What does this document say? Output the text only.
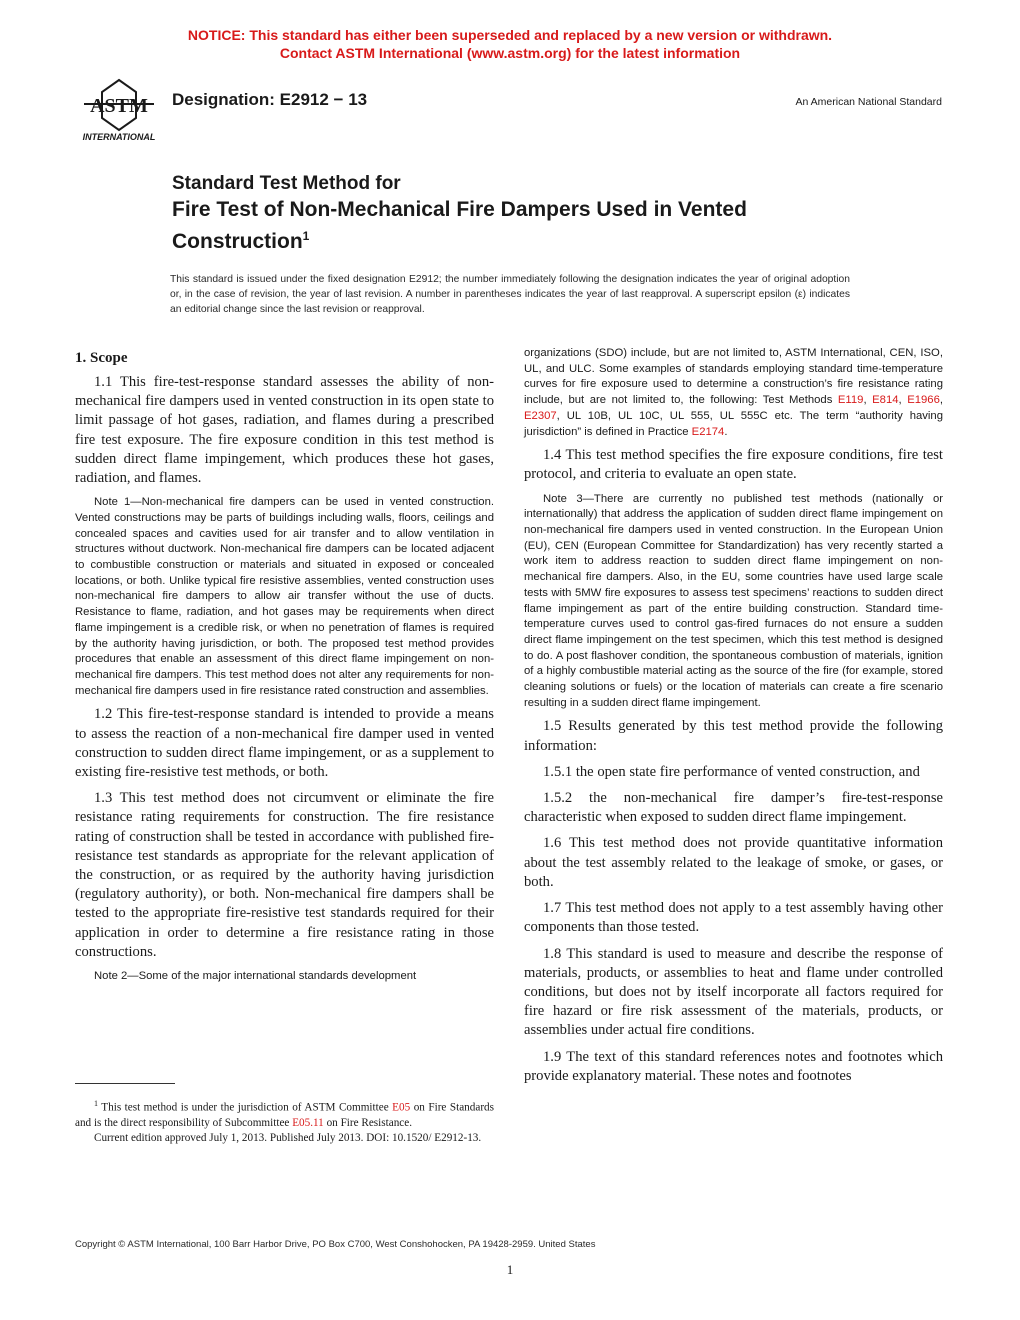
NOTICE: This standard has either been superseded and replaced by a new version or withdrawn.
Contact ASTM International (www.astm.org) for the latest information
ASTM
INTERNATIONAL
Designation: E2912 − 13	An American National Standard
Standard Test Method for
Fire Test of Non-Mechanical Fire Dampers Used in Vented
Construction$^1$
This standard is issued under the fixed designation E2912; the number immediately following the designation indicates the year of original adoption or, in the case of revision, the year of last revision. A number in parentheses indicates the year of last reapproval. A superscript epsilon (ε) indicates an editorial change since the last revision or reapproval.
1. Scope

1.1 This fire-test-response standard assesses the ability of non-mechanical fire dampers used in vented construction in its open state to limit passage of hot gases, radiation, and flames during a prescribed fire test exposure. The fire exposure condition in this test method is sudden direct flame impingement, which produces these hot gases, radiation, and flames.

Note 1—Non-mechanical fire dampers can be used in vented construction. Vented constructions may be parts of buildings including walls, floors, ceilings and concealed spaces and cavities used for air transfer and to allow ventilation in structures without ductwork. Non-mechanical fire dampers can be located adjacent to combustible construction or materials and situated in exposed or concealed locations, or both. Unlike typical fire resistive assemblies, vented construction uses non-mechanical fire dampers to allow air transfer without the use of ducts. Resistance to flame, radiation, and hot gases may be requirements when direct flame impingement is a credible risk, or when no penetration of flames is required by the authority having jurisdiction, or both. The proposed test method provides procedures that enable an assessment of this direct flame impingement on non-mechanical fire dampers. This test method does not alter any requirements for non-mechanical fire dampers used in fire resistance rated construction and assemblies.

1.2 This fire-test-response standard is intended to provide a means to assess the reaction of a non-mechanical fire damper used in vented construction to sudden direct flame impingement, or as a supplement to existing fire-resistive test methods, or both.

1.3 This test method does not circumvent or eliminate the fire resistance rating requirements for construction. The fire resistance rating of construction shall be tested in accordance with published fire-resistance test standards as appropriate for the relevant application of the construction, or as required by the authority having jurisdiction (regulatory authority), or both. Non-mechanical fire dampers shall be tested to the appropriate fire-resistive test standards required for their application in order to determine a fire resistance rating in those constructions.

Note 2—Some of the major international standards development

organizations (SDO) include, but are not limited to, ASTM International, CEN, ISO, UL, and ULC. Some examples of standards employing standard time-temperature curves for fire exposure used to determine a construction’s fire resistance rating include, but are not limited to, the following: Test Methods E119, E814, E1966, E2307, UL 10B, UL 10C, UL 555, UL 555C etc. The term “authority having jurisdiction” is defined in Practice E2174.

1.4 This test method specifies the fire exposure conditions, fire test protocol, and criteria to evaluate an open state.

Note 3—There are currently no published test methods (nationally or internationally) that address the application of sudden direct flame impingement on non-mechanical fire dampers used in vented construction. In the European Union (EU), CEN (European Committee for Standardization) has very recently started a work item to address reaction to sudden direct flame impingement on non-mechanical fire dampers. Also, in the EU, some countries have used large scale tests with 5MW fire exposures to assess test specimens’ reactions to sudden direct flame impingement as part of the entire building construction. Standard time-temperature curves used to control gas-fired furnaces do not ensure a sudden direct flame impingement on the test specimen, which this test method is designed to do. A post flashover condition, the spontaneous combustion of materials, ignition of a highly combustible material acting as the source of the fire (for example, stored cleaning solutions or fuels) or the location of materials can create a fire scenario resulting in a sudden direct flame impingement.

1.5 Results generated by this test method provide the following information:

1.5.1 the open state fire performance of vented construction, and

1.5.2 the non-mechanical fire damper’s fire-test-response characteristic when exposed to sudden direct flame impingement.

1.6 This test method does not provide quantitative information about the test assembly related to the leakage of smoke, or gases, or both.

1.7 This test method does not apply to a test assembly having other components than those tested.

1.8 This standard is used to measure and describe the response of materials, products, or assemblies to heat and flame under controlled conditions, but does not by itself incorporate all factors required for fire hazard or fire risk assessment of the materials, products, or assemblies under actual fire conditions.

1.9 The text of this standard references notes and footnotes which provide explanatory material. These notes and footnotes

$^1$ This test method is under the jurisdiction of ASTM Committee E05 on Fire Standards and is the direct responsibility of Subcommittee E05.11 on Fire Resistance.

Current edition approved July 1, 2013. Published July 2013. DOI: 10.1520/ E2912-13.

Copyright © ASTM International, 100 Barr Harbor Drive, PO Box C700, West Conshohocken, PA 19428-2959. United States
1
